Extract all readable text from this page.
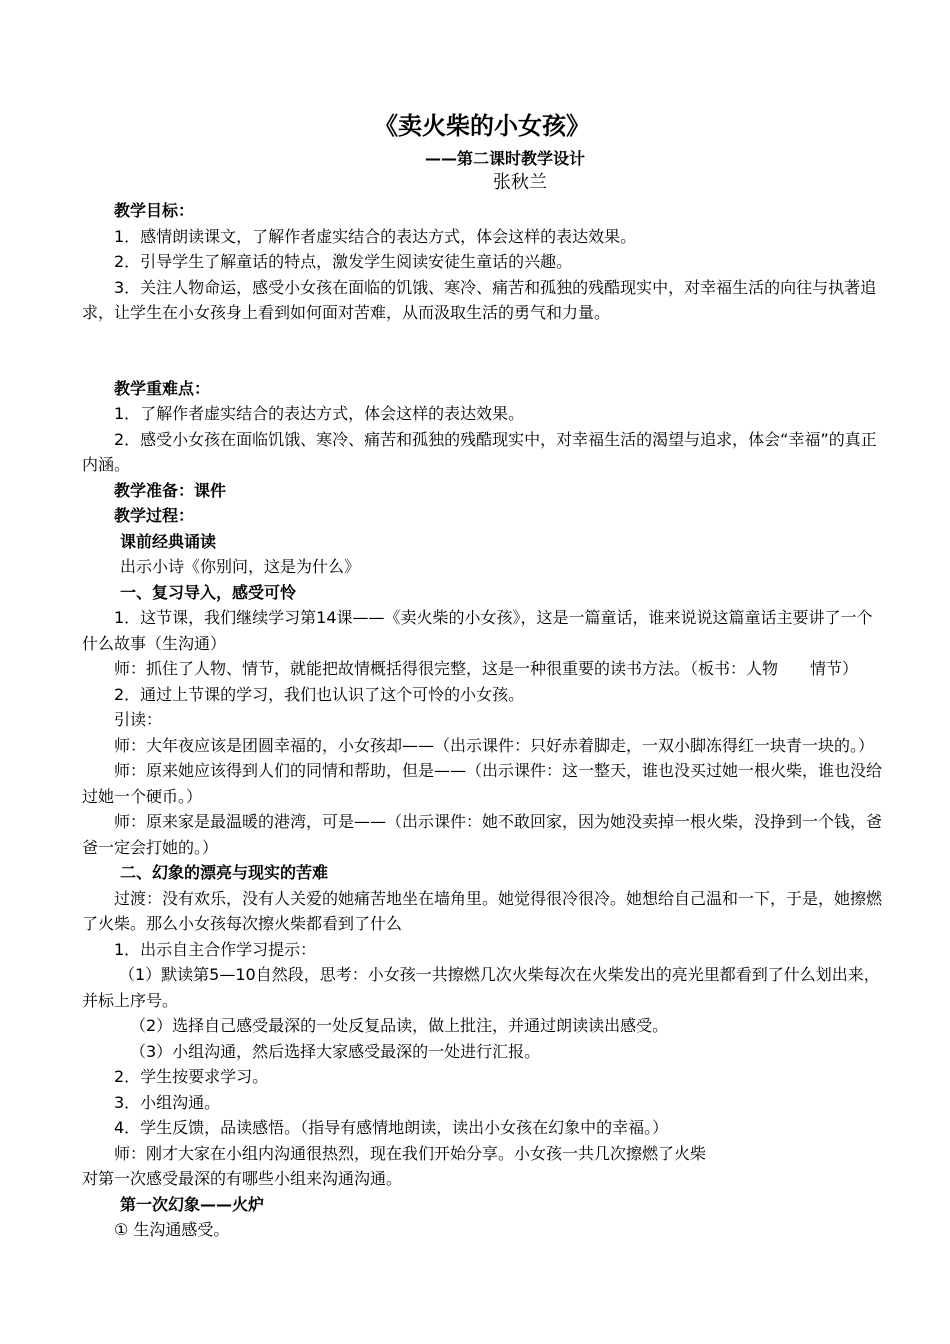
《卖火柴的小女孩》
——第二课时教学设计
张秋兰

教学目标：

1．感情朗读课文，了解作者虚实结合的表达方式，体会这样的表达效果。

2．引导学生了解童话的特点，激发学生阅读安徒生童话的兴趣。

3．关注人物命运，感受小女孩在面临的饥饿、寒冷、痛苦和孤独的残酷现实中，对幸福生活的向往与执著追求，让学生在小女孩身上看到如何面对苦难，从而汲取生活的勇气和力量。

教学重难点：

1．了解作者虚实结合的表达方式，体会这样的表达效果。

2．感受小女孩在面临饥饿、寒冷、痛苦和孤独的残酷现实中，对幸福生活的渴望与追求，体会“幸福”的真正内涵。

教学准备：课件

教学过程：

课前经典诵读

出示小诗《你别问，这是为什么》

一、复习导入，感受可怜

1．这节课，我们继续学习第14课——《卖火柴的小女孩》，这是一篇童话，谁来说说这篇童话主要讲了一个什么故事（生沟通）

师：抓住了人物、情节，就能把故情概括得很完整，这是一种很重要的读书方法。（板书：人物　　情节）

2．通过上节课的学习，我们也认识了这个可怜的小女孩。

引读：

师：大年夜应该是团圆幸福的，小女孩却——（出示课件：只好赤着脚走，一双小脚冻得红一块青一块的。）

师：原来她应该得到人们的同情和帮助，但是——（出示课件：这一整天，谁也没买过她一根火柴，谁也没给过她一个硬币。）

师：原来家是最温暖的港湾，可是——（出示课件：她不敢回家，因为她没卖掉一根火柴，没挣到一个钱，爸爸一定会打她的。）

二、幻象的漂亮与现实的苦难

过渡：没有欢乐，没有人关爱的她痛苦地坐在墙角里。她觉得很冷很冷。她想给自己温和一下，于是，她擦燃了火柴。那么小女孩每次擦火柴都看到了什么

1．出示自主合作学习提示：

（1）默读第5—10自然段，思考：小女孩一共擦燃几次火柴每次在火柴发出的亮光里都看到了什么划出来，并标上序号。

（2）选择自己感受最深的一处反复品读，做上批注，并通过朗读读出感受。

（3）小组沟通，然后选择大家感受最深的一处进行汇报。

2．学生按要求学习。

3．小组沟通。

4．学生反馈，品读感悟。（指导有感情地朗读，读出小女孩在幻象中的幸福。）

师：刚才大家在小组内沟通很热烈，现在我们开始分享。小女孩一共几次擦燃了火柴

对第一次感受最深的有哪些小组来沟通沟通。

第一次幻象——火炉

① 生沟通感受。
